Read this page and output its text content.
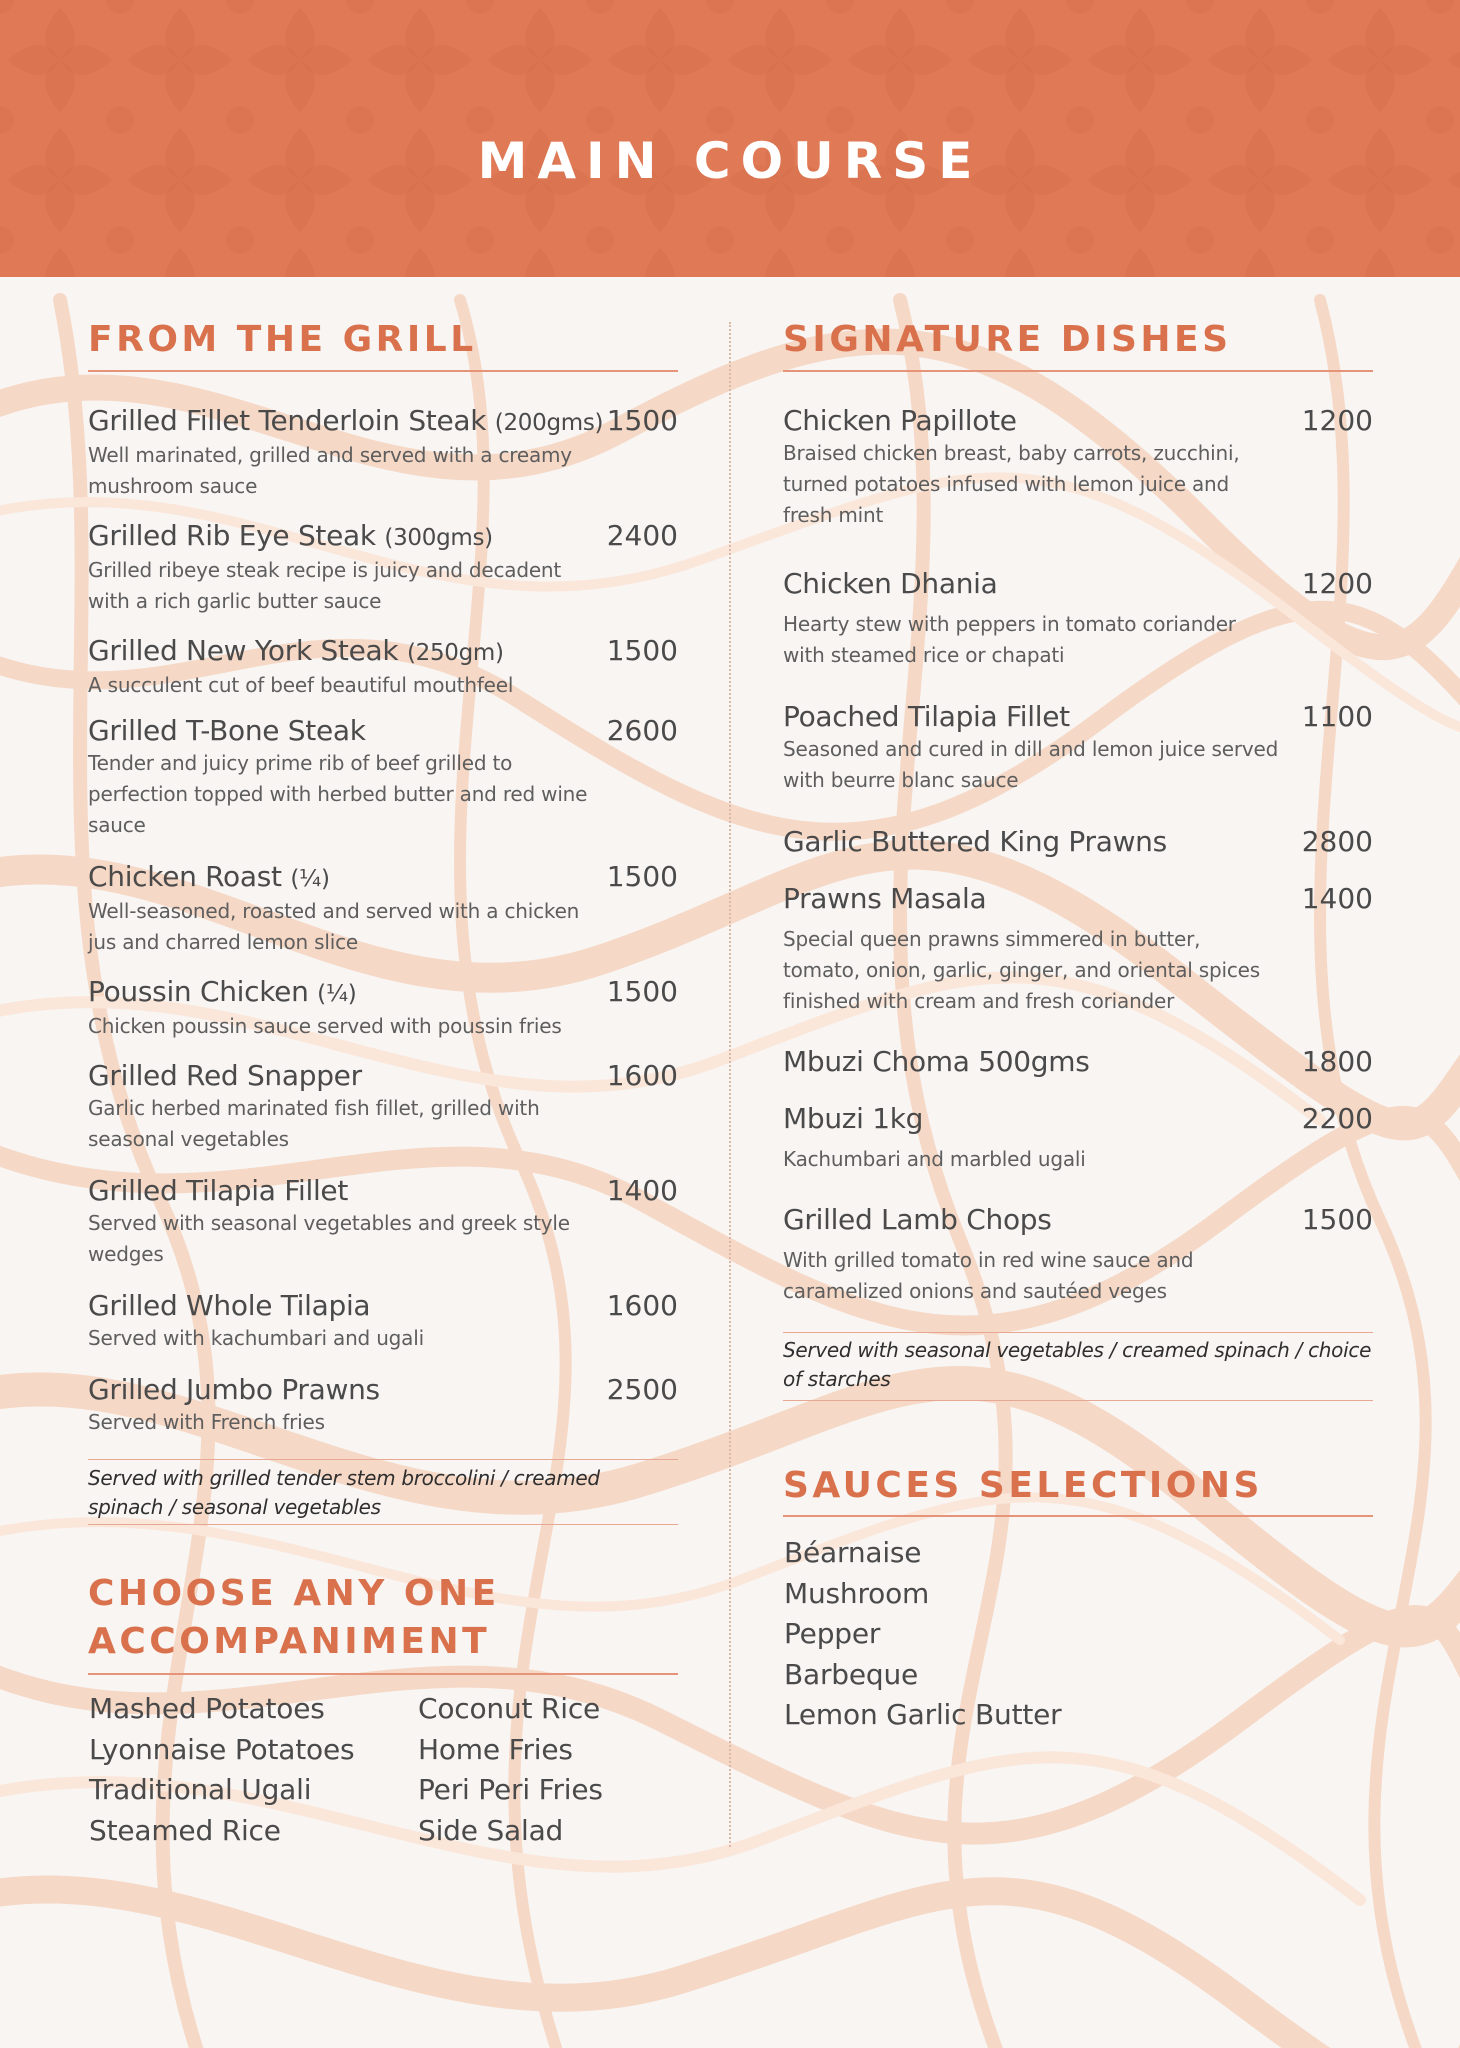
MAIN COURSE
FROM THE GRILL
Grilled Fillet Tenderloin Steak (200gms) 1500
Well marinated, grilled and served with a creamy mushroom sauce
Grilled Rib Eye Steak (300gms)	2400
Grilled ribeye steak recipe is juicy and decadent with a rich garlic butter sauce
Grilled New York Steak (250gm)	1500
A succulent cut of beef beautiful mouthfeel
Grilled T-Bone Steak	2600
Tender and juicy prime rib of beef grilled to perfection topped with herbed butter and red wine sauce
Chicken Roast (¼)	1500
Well-seasoned, roasted and served with a chicken jus and charred lemon slice
Poussin Chicken (¼)	1500
Chicken poussin sauce served with poussin fries
Grilled Red Snapper	1600
Garlic herbed marinated fish fillet, grilled with seasonal vegetables
Grilled Tilapia Fillet	1400
Served with seasonal vegetables and greek style wedges
Grilled Whole Tilapia	1600
Served with kachumbari and ugali
Grilled Jumbo Prawns	2500
Served with French fries
Served with grilled tender stem broccolini / creamed spinach / seasonal vegetables
CHOOSE ANY ONE
ACCOMPANIMENT
Mashed Potatoes
Lyonnaise Potatoes
Traditional Ugali
Steamed Rice
Coconut Rice
Home Fries
Peri Peri Fries
Side Salad
SIGNATURE DISHES
Chicken Papillote	1200
Braised chicken breast, baby carrots, zucchini, turned potatoes infused with lemon juice and fresh mint
Chicken Dhania	1200
Hearty stew with peppers in tomato coriander with steamed rice or chapati
Poached Tilapia Fillet	1100
Seasoned and cured in dill and lemon juice served with beurre blanc sauce
Garlic Buttered King Prawns	2800
Prawns Masala	1400
Special queen prawns simmered in butter, tomato, onion, garlic, ginger, and oriental spices finished with cream and fresh coriander
Mbuzi Choma 500gms	1800
Mbuzi 1kg	2200
Kachumbari and marbled ugali
Grilled Lamb Chops	1500
With grilled tomato in red wine sauce and caramelized onions and sautéed veges
Served with seasonal vegetables / creamed spinach / choice of starches
SAUCES SELECTIONS
Béarnaise
Mushroom
Pepper
Barbeque
Lemon Garlic Butter
